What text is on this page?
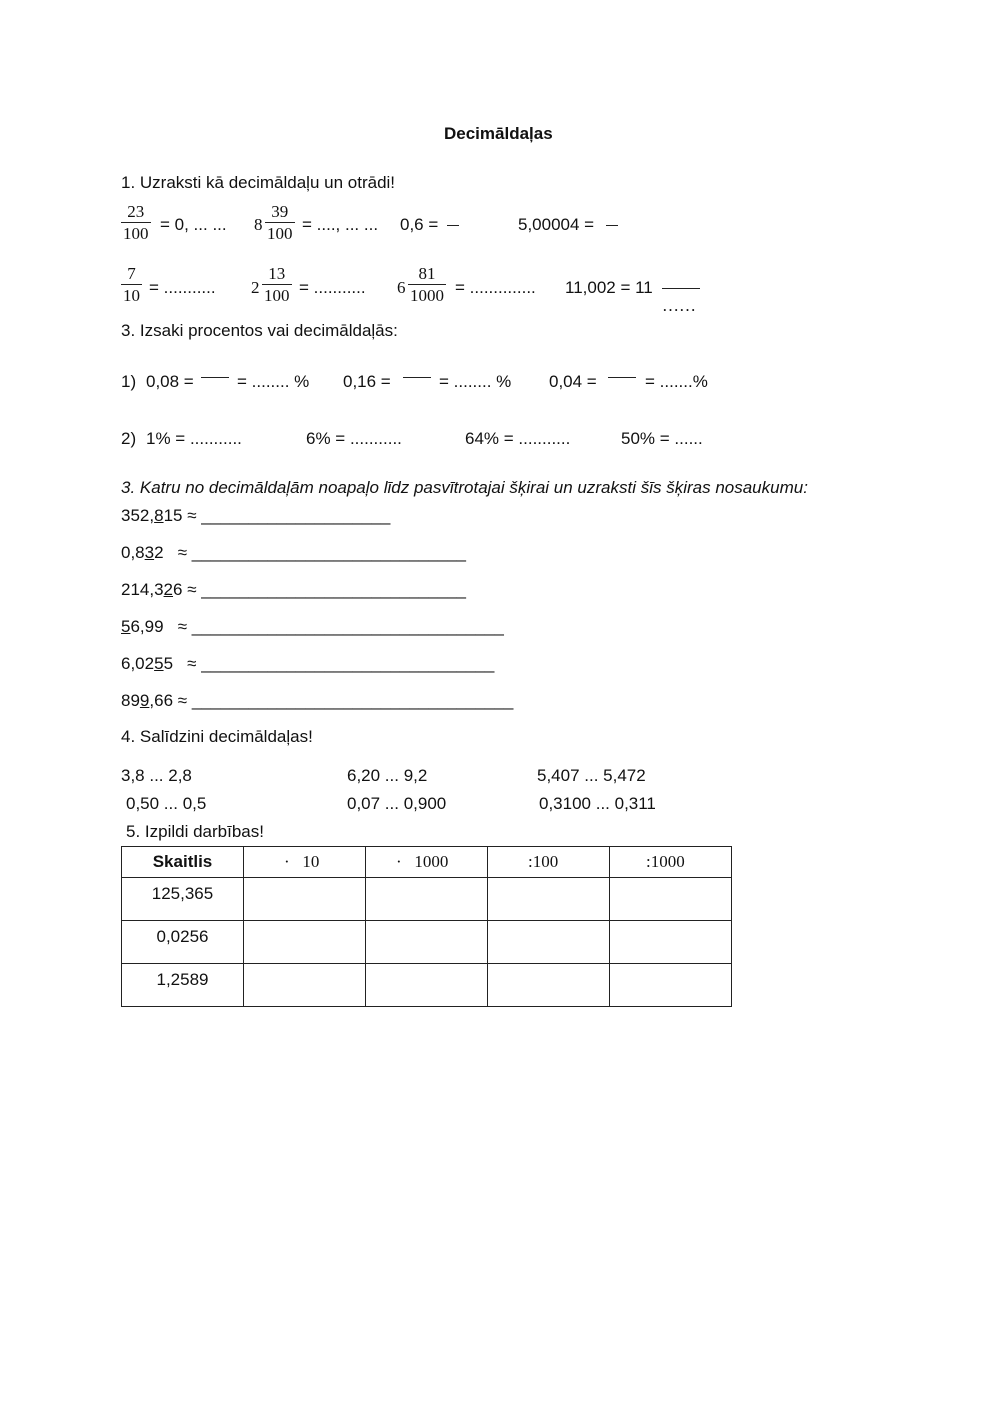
Decimāldaļas
1. Uzraksti kā decimāldaļu un otrādi!
$\frac{23}{100} = 0$, ... ... $8 \frac{39}{100}$ = ...., ... ... 0,6 =	5,00004 =
$\frac{7}{10}$ = ........... $2 \frac{13}{100}$ = ........... $6 \frac{81}{1000}$ = .............. 11,002 = 11
……
3. Izsaki procentos vai decimāldaļās:
1) 0,08 =	= ........ % 0,16 =	= ........ % 0,04 =	= .......%
2) 1% = ...........	6% = ...........	64% = ...........	50% = ......
3. Katru no decimāldaļām noapaļo līdz pasvītrotajai šķirai un uzraksti šīs šķiras nosaukumu:
352,815 ≈ ____________________
0,832   ≈ _____________________________
214,326 ≈ ____________________________
56,99   ≈ _________________________________
6,0255   ≈ _______________________________
899,66 ≈ __________________________________
4. Salīdzini decimāldaļas!
3,8 ... 2,8	6,20 ... 9,2	5,407 ... 5,472
0,50 ... 0,5	0,07 ... 0,900	0,3100 ... 0,311
5. Izpildi darbības!
Skaitlis	·   10	·   1000	:100	:1000
125,365				
0,0256				
1,2589				
